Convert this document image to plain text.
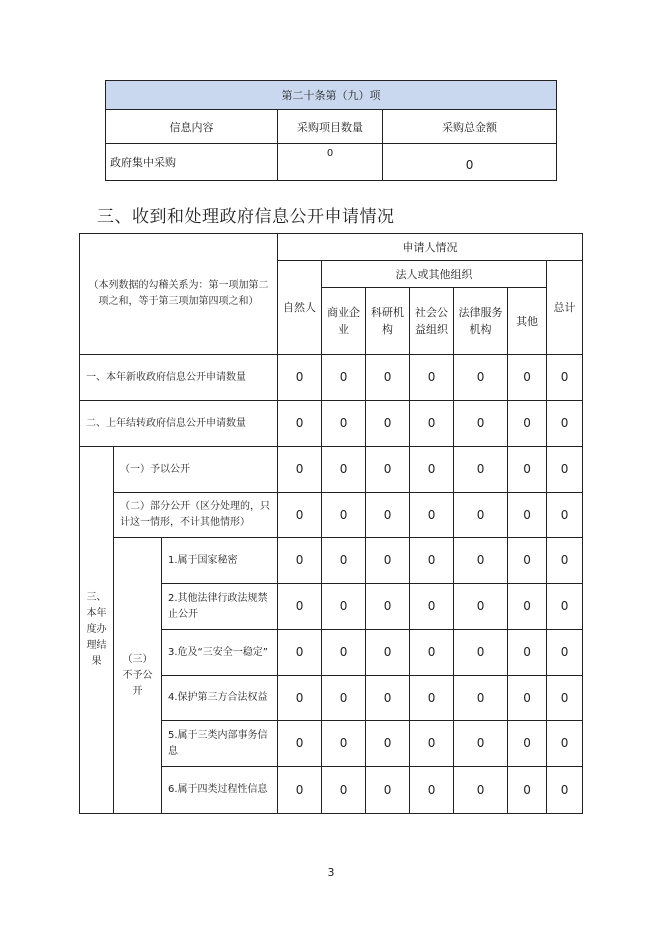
第二十条第（九）项		
信息内容	采购项目数量	采购总金额
政府集中采购	0	0
三、收到和处理政府信息公开申请情况
（本列数据的勾稽关系为：第一项加第二项之和，等于第三项加第四项之和）			申请人情况						
			自然人	法人或其他组织					总计
				商业企业	科研机构	社会公益组织	法律服务机构	其他	
一、本年新收政府信息公开申请数量			0	0	0	0	0	0	0
二、上年结转政府信息公开申请数量			0	0	0	0	0	0	0
三、本年度办理结果	（一）予以公开		0	0	0	0	0	0	0
	（二）部分公开（区分处理的，只计这一情形，不计其他情形）		0	0	0	0	0	0	0
	（三）不予公开	1.属于国家秘密	0	0	0	0	0	0	0
		2.其他法律行政法规禁止公开	0	0	0	0	0	0	0
		3.危及“三安全一稳定”	0	0	0	0	0	0	0
		4.保护第三方合法权益	0	0	0	0	0	0	0
		5.属于三类内部事务信息	0	0	0	0	0	0	0
		6.属于四类过程性信息	0	0	0	0	0	0	0
3
